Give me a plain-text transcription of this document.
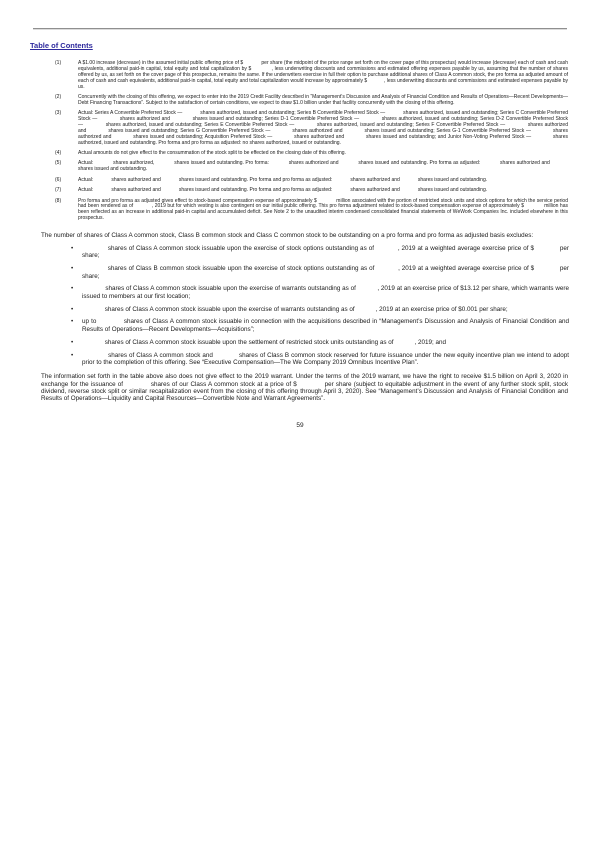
Table of Contents
(1)	A $1.00 increase (decrease) in the assumed initial public offering price of $             per share (the midpoint of the price range set forth on the cover page of this prospectus) would increase (decrease) each of cash and cash equivalents, additional paid-in capital, total equity and total capitalization by $            , less underwriting discounts and commissions and estimated offering expenses payable by us, assuming that the number of shares offered by us, as set forth on the cover page of this prospectus, remains the same. If the underwriters exercise in full their option to purchase additional shares of Class A common stock, the pro forma as adjusted amount of each of cash and cash equivalents, additional paid-in capital, total equity and total capitalization would increase by approximately $            , less underwriting discounts and commissions and estimated expenses payable by us.
(2)	Concurrently with the closing of this offering, we expect to enter into the 2019 Credit Facility described in “Management’s Discussion and Analysis of Financial Condition and Results of Operations—Recent Developments—Debt Financing Transactions”. Subject to the satisfaction of certain conditions, we expect to draw $1.0 billion under that facility concurrently with the closing of this offering.
(3)	Actual: Series A Convertible Preferred Stock —             shares authorized, issued and outstanding; Series B Convertible Preferred Stock —             shares authorized, issued and outstanding; Series C Convertible Preferred Stock —             shares authorized and             shares issued and outstanding; Series D-1 Convertible Preferred Stock —             shares authorized, issued and outstanding; Series D-2 Convertible Preferred Stock —             shares authorized, issued and outstanding; Series E Convertible Preferred Stock —             shares authorized, issued and outstanding; Series F Convertible Preferred Stock —             shares authorized and             shares issued and outstanding; Series G Convertible Preferred Stock —             shares authorized and             shares issued and outstanding; Series G-1 Convertible Preferred Stock —             shares authorized and             shares issued and outstanding; Acquisition Preferred Stock —             shares authorized and             shares issued and outstanding; and Junior Non-Voting Preferred Stock —             shares authorized, issued and outstanding. Pro forma and pro forma as adjusted: no shares authorized, issued or outstanding.
(4)	Actual amounts do not give effect to the consummation of the stock split to be effected on the closing date of this offering.
(5)	Actual:             shares authorized,             shares issued and outstanding. Pro forma:             shares authorized and             shares issued and outstanding. Pro forma as adjusted:             shares authorized and             shares issued and outstanding.
(6)	Actual:             shares authorized and             shares issued and outstanding. Pro forma and pro forma as adjusted:             shares authorized and             shares issued and outstanding.
(7)	Actual:             shares authorized and             shares issued and outstanding. Pro forma and pro forma as adjusted:             shares authorized and             shares issued and outstanding.
(8)	Pro forma and pro forma as adjusted gives effect to stock-based compensation expense of approximately $             million associated with the portion of restricted stock units and stock options for which the service period had been rendered as of            , 2019 but for which vesting is also contingent on our initial public offering. This pro forma adjustment related to stock-based compensation expense of approximately $             million has been reflected as an increase in additional paid-in capital and accumulated deficit. See Note 2 to the unaudited interim condensed consolidated financial statements of WeWork Companies Inc. included elsewhere in this prospectus.

The number of shares of Class A common stock, Class B common stock and Class C common stock to be outstanding on a pro forma and pro forma as adjusted basis excludes:

•	shares of Class A common stock issuable upon the exercise of stock options outstanding as of            , 2019 at a weighted average exercise price of $             per share;
•	shares of Class B common stock issuable upon the exercise of stock options outstanding as of            , 2019 at a weighted average exercise price of $             per share;
•	shares of Class A common stock issuable upon the exercise of warrants outstanding as of            , 2019 at an exercise price of $13.12 per share, which warrants were issued to members at our first location;
•	shares of Class A common stock issuable upon the exercise of warrants outstanding as of            , 2019 at an exercise price of $0.001 per share;
•	up to             shares of Class A common stock issuable in connection with the acquisitions described in “Management’s Discussion and Analysis of Financial Condition and Results of Operations—Recent Developments—Acquisitions”;
•	shares of Class A common stock issuable upon the settlement of restricted stock units outstanding as of            , 2019; and
•	shares of Class A common stock and             shares of Class B common stock reserved for future issuance under the new equity incentive plan we intend to adopt prior to the completion of this offering. See “Executive Compensation—The We Company 2019 Omnibus Incentive Plan”.

The information set forth in the table above also does not give effect to the 2019 warrant. Under the terms of the 2019 warrant, we have the right to receive $1.5 billion on April 3, 2020 in exchange for the issuance of             shares of our Class A common stock at a price of $             per share (subject to equitable adjustment in the event of any further stock split, stock dividend, reverse stock split or similar recapitalization event from the closing of this offering through April 3, 2020). See “Management’s Discussion and Analysis of Financial Condition and Results of Operations—Liquidity and Capital Resources—Convertible Note and Warrant Agreements”.

59
